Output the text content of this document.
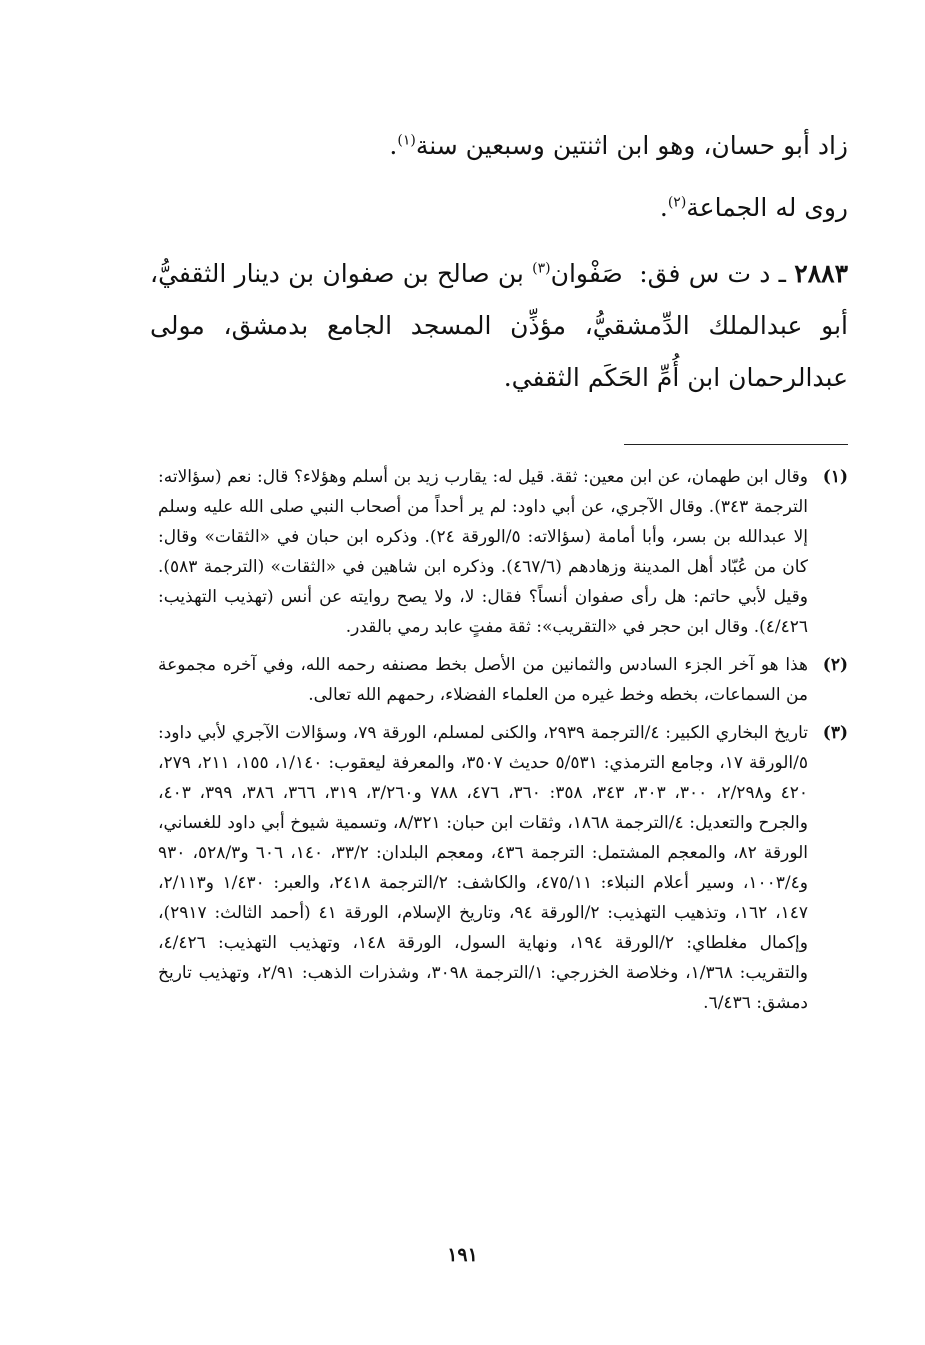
زاد أبو حسان، وهو ابن اثنتين وسبعين سنة$^{(١)}$.

روى له الجماعة$^{(٢)}$.

٢٨٨٣ ـ د ت س فق:  صَفْوان$^{(٣)}$ بن صالح بن صفوان بن دينار الثقفيُّ، أبو عبدالملك الدِّمشقيُّ، مؤذِّن المسجد الجامع بدمشق، مولى عبدالرحمان ابن أُمِّ الحَكَم الثقفي.

(١)
وقال ابن طهمان، عن ابن معين: ثقة. قيل له: يقارب زيد بن أسلم وهؤلاء؟ قال: نعم (سؤالاته: الترجمة ٣٤٣). وقال الآجري، عن أبي داود: لم ير أحداً من أصحاب النبي صلى الله عليه وسلم إلا عبدالله بن بسر، وأبا أمامة (سؤالاته: ٥/الورقة ٢٤). وذكره ابن حبان في «الثقات» وقال: كان من عُبّاد أهل المدينة وزهادهم (٤٦٧/٦). وذكره ابن شاهين في «الثقات» (الترجمة ٥٨٣). وقيل لأبي حاتم: هل رأى صفوان أنساً؟ فقال: لا، ولا يصح روايته عن أنس (تهذيب التهذيب: ٤/٤٢٦). وقال ابن حجر في «التقريب»: ثقة مفتٍ عابد رمي بالقدر.
(٢)
هذا هو آخر الجزء السادس والثمانين من الأصل بخط مصنفه رحمه الله، وفي آخره مجموعة من السماعات، بخطه وخط غيره من العلماء الفضلاء، رحمهم الله تعالى.
(٣)
تاريخ البخاري الكبير: ٤/الترجمة ٢٩٣٩، والكنى لمسلم، الورقة ٧٩، وسؤالات الآجري لأبي داود: ٥/الورقة ١٧، وجامع الترمذي: ٥/٥٣١ حديث ٣٥٠٧، والمعرفة ليعقوب: ١/١٤٠، ١٥٥، ٢١١، ٢٧٩، ٤٢٠ و٢/٢٩٨، ٣٠٠، ٣٠٣، ٣٤٣، ٣٥٨: ٣٦٠، ٤٧٦، ٧٨٨ و٣/٢٦٠، ٣١٩، ٣٦٦، ٣٨٦، ٣٩٩، ٤٠٣، والجرح والتعديل: ٤/الترجمة ١٨٦٨، وثقات ابن حبان: ٨/٣٢١، وتسمية شيوخ أبي داود للغساني، الورقة ٨٢، والمعجم المشتمل: الترجمة ٤٣٦، ومعجم البلدان: ٣٣/٢، ١٤٠، ٦٠٦ و٥٢٨/٣، ٩٣٠ و١٠٠٣/٤، وسير أعلام النبلاء: ٤٧٥/١١، والكاشف: ٢/الترجمة ٢٤١٨، والعبر: ١/٤٣٠ و٢/١١٣، ١٤٧، ١٦٢، وتذهيب التهذيب: ٢/الورقة ٩٤، وتاريخ الإسلام، الورقة ٤١ (أحمد الثالث: ٢٩١٧)، وإكمال مغلطاي: ٢/الورقة ١٩٤، ونهاية السول، الورقة ١٤٨، وتهذيب التهذيب: ٤/٤٢٦، والتقريب: ١/٣٦٨، وخلاصة الخزرجي: ١/الترجمة ٣٠٩٨، وشذرات الذهب: ٢/٩١، وتهذيب تاريخ دمشق: ٦/٤٣٦.
١٩١
